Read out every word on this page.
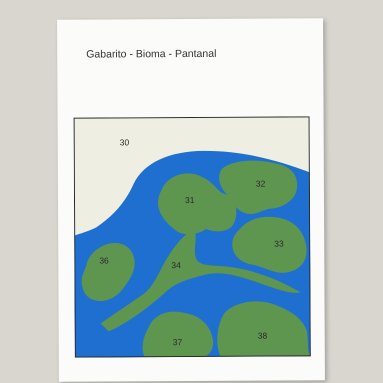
Gabarito - Bioma - Pantanal
30
31
32
33
34
36
37
38
